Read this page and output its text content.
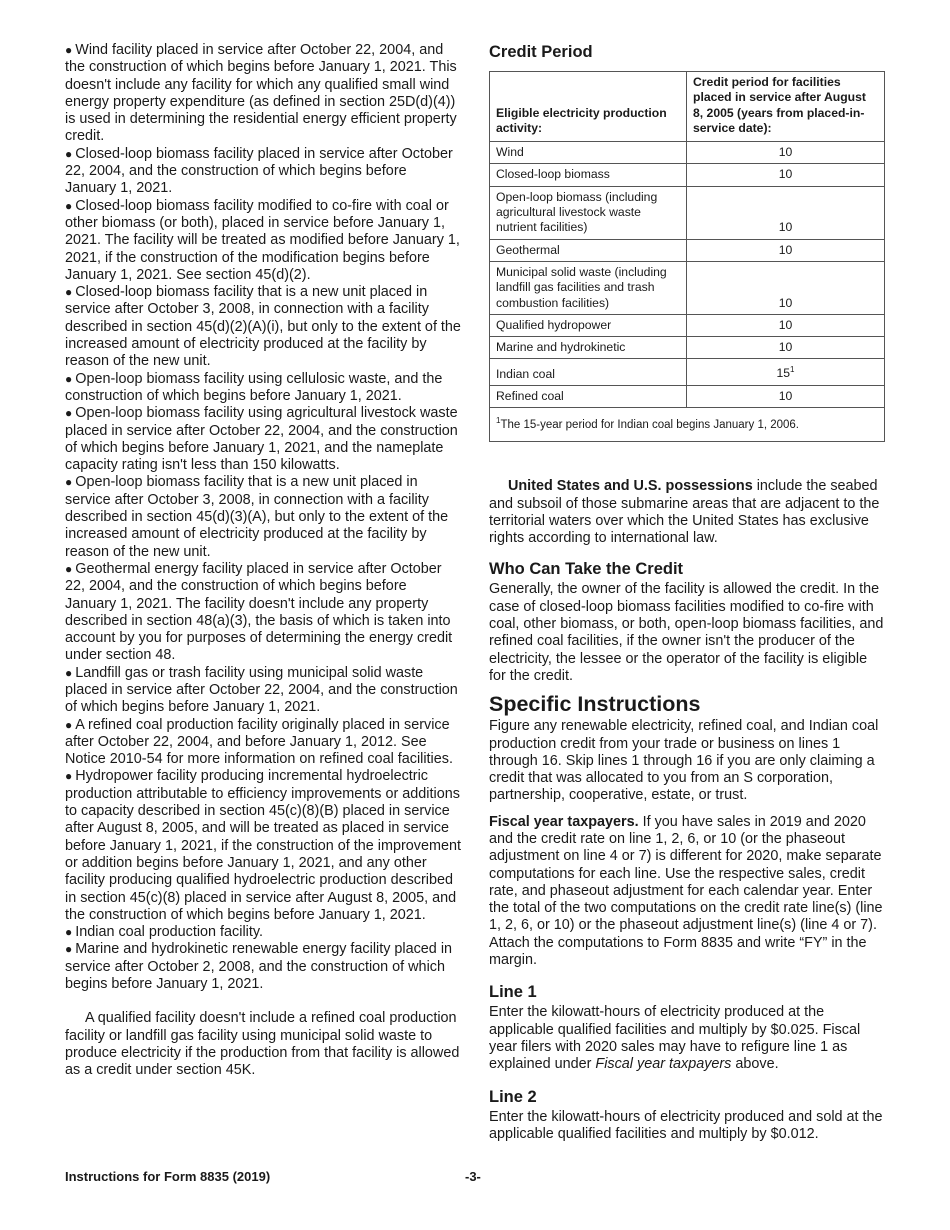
● Wind facility placed in service after October 22, 2004, and the construction of which begins before January 1, 2021. This doesn't include any facility for which any qualified small wind energy property expenditure (as defined in section 25D(d)(4)) is used in determining the residential energy efficient property credit.

● Closed-loop biomass facility placed in service after October 22, 2004, and the construction of which begins before January 1, 2021.

● Closed-loop biomass facility modified to co-fire with coal or other biomass (or both), placed in service before January 1, 2021. The facility will be treated as modified before January 1, 2021, if the construction of the modification begins before January 1, 2021. See section 45(d)(2).

● Closed-loop biomass facility that is a new unit placed in service after October 3, 2008, in connection with a facility described in section 45(d)(2)(A)(i), but only to the extent of the increased amount of electricity produced at the facility by reason of the new unit.

● Open-loop biomass facility using cellulosic waste, and the construction of which begins before January 1, 2021.

● Open-loop biomass facility using agricultural livestock waste placed in service after October 22, 2004, and the construction of which begins before January 1, 2021, and the nameplate capacity rating isn't less than 150 kilowatts.

● Open-loop biomass facility that is a new unit placed in service after October 3, 2008, in connection with a facility described in section 45(d)(3)(A), but only to the extent of the increased amount of electricity produced at the facility by reason of the new unit.

● Geothermal energy facility placed in service after October 22, 2004, and the construction of which begins before January 1, 2021. The facility doesn't include any property described in section 48(a)(3), the basis of which is taken into account by you for purposes of determining the energy credit under section 48.

● Landfill gas or trash facility using municipal solid waste placed in service after October 22, 2004, and the construction of which begins before January 1, 2021.

● A refined coal production facility originally placed in service after October 22, 2004, and before January 1, 2012. See Notice 2010-54 for more information on refined coal facilities.

● Hydropower facility producing incremental hydroelectric production attributable to efficiency improvements or additions to capacity described in section 45(c)(8)(B) placed in service after August 8, 2005, and will be treated as placed in service before January 1, 2021, if the construction of the improvement or addition begins before January 1, 2021, and any other facility producing qualified hydroelectric production described in section 45(c)(8) placed in service after August 8, 2005, and the construction of which begins before January 1, 2021.

● Indian coal production facility.

● Marine and hydrokinetic renewable energy facility placed in service after October 2, 2008, and the construction of which begins before January 1, 2021.

A qualified facility doesn't include a refined coal production facility or landfill gas facility using municipal solid waste to produce electricity if the production from that facility is allowed as a credit under section 45K.

Credit Period
Eligible electricity production activity:	Credit period for facilities placed in service after August 8, 2005 (years from placed-in-service date):
Wind	10
Closed-loop biomass	10
Open-loop biomass (including agricultural livestock waste nutrient facilities)	10
Geothermal	10
Municipal solid waste (including landfill gas facilities and trash combustion facilities)	10
Qualified hydropower	10
Marine and hydrokinetic	10
Indian coal	$15^1$
Refined coal	10
$^1$The 15-year period for Indian coal begins January 1, 2006.	

United States and U.S. possessions include the seabed and subsoil of those submarine areas that are adjacent to the territorial waters over which the United States has exclusive rights according to international law.

Who Can Take the Credit

Generally, the owner of the facility is allowed the credit. In the case of closed-loop biomass facilities modified to co-fire with coal, other biomass, or both, open-loop biomass facilities, and refined coal facilities, if the owner isn't the producer of the electricity, the lessee or the operator of the facility is eligible for the credit.

Specific Instructions

Figure any renewable electricity, refined coal, and Indian coal production credit from your trade or business on lines 1 through 16. Skip lines 1 through 16 if you are only claiming a credit that was allocated to you from an S corporation, partnership, cooperative, estate, or trust.

Fiscal year taxpayers. If you have sales in 2019 and 2020 and the credit rate on line 1, 2, 6, or 10 (or the phaseout adjustment on line 4 or 7) is different for 2020, make separate computations for each line. Use the respective sales, credit rate, and phaseout adjustment for each calendar year. Enter the total of the two computations on the credit rate line(s) (line 1, 2, 6, or 10) or the phaseout adjustment line(s) (line 4 or 7). Attach the computations to Form 8835 and write “FY” in the margin.

Line 1

Enter the kilowatt-hours of electricity produced at the applicable qualified facilities and multiply by $0.025. Fiscal year filers with 2020 sales may have to refigure line 1 as explained under Fiscal year taxpayers above.

Line 2

Enter the kilowatt-hours of electricity produced and sold at the applicable qualified facilities and multiply by $0.012.

Instructions for Form 8835 (2019)	-3-
